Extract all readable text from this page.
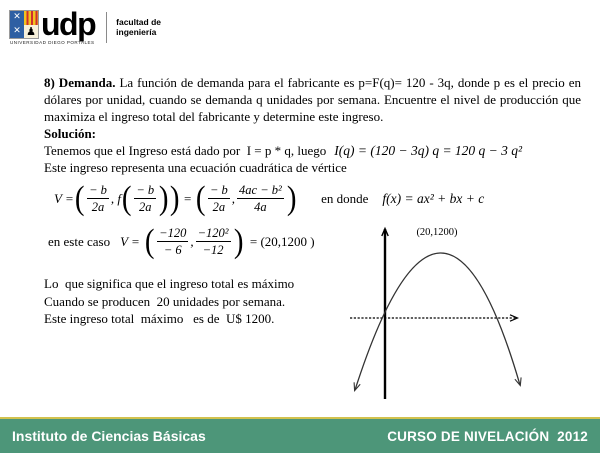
✕
✕ ♟ udp
UNIVERSIDAD DIEGO PORTALES
facultad de
ingeniería

8) Demanda. La función de demanda para el fabricante es p=F(q)= 120 - 3q, donde p es el precio en dólares por unidad, cuando se demanda q unidades por semana. Encuentre el nivel de producción que maximiza el ingreso total del fabricante y determine este ingreso.

Solución:
Tenemos que el Ingreso está dado por  I = p * q, luego I(q) = (120 − 3q) q = 120 q − 3 q²
Este ingreso representa una ecuación cuadrática de vértice
V = ( $\frac{- b}{2a}$ , f ( $\frac{- b}{2a}$ ) ) = ( $\frac{- b}{2a}$ , $\frac{\text{4ac − b²}}{4a}$ ) en donde f(x) = ax² + bx + c
en este caso V = ( $\frac{-120}{- 6}$ , $\frac{\text{−120²}}{-12}$ ) = (20,1200 )
Lo  que significa que el ingreso total es máximo
Cuando se producen  20 unidades por semana.
Este ingreso total  máximo   es de  U$ 1200.
(20,1200)
Instituto de Ciencias Básicas	CURSO DE NIVELACIÓN  2012
